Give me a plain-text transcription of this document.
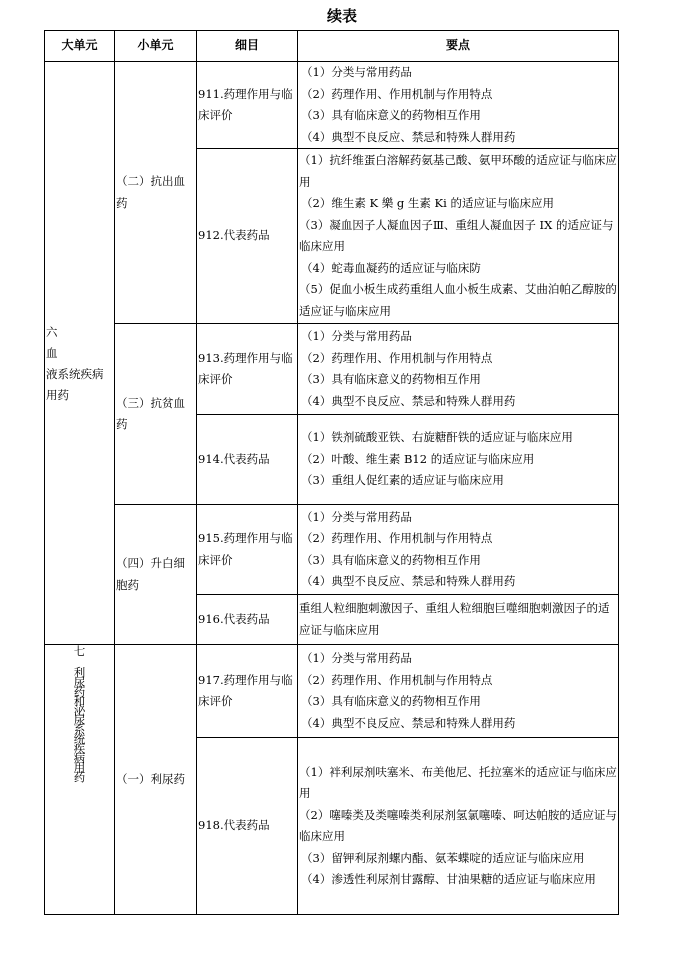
续表
大单元	小单元	细目	要点

六
血
液系统疾病
用药	（二）抗出血
药	911.药理作用与临床评价	（1）分类与常用药品
（2）药理作用、作用机制与作用特点
（3）具有临床意义的药物相互作用
（4）典型不良反应、禁忌和特殊人群用药

		912.代表药品	（1）抗纤维蛋白溶解药氨基己酸、氨甲环酸的适应证与临床应用
（2）维生素 K 樂 g 生素 Ki 的适应证与临床应用
（3）凝血因子人凝血因子Ⅲ、重组人凝血因子 IX 的适应证与临床应用
（4）蛇毒血凝药的适应证与临床防
（5）促血小板生成药重组人血小板生成素、艾曲泊帕乙醇胺的适应证与临床应用

	（三）抗贫血
药	913.药理作用与临床评价	（1）分类与常用药品
（2）药理作用、作用机制与作用特点
（3）具有临床意义的药物相互作用
（4）典型不良反应、禁忌和特殊人群用药

		914.代表药品	（1）铁剂硫酸亚铁、右旋糖酐铁的适应证与临床应用
（2）叶酸、维生素 B12 的适应证与临床应用
（3）重组人促红素的适应证与临床应用

	（四）升白细
胞药	915.药理作用与临床评价	（1）分类与常用药品
（2）药理作用、作用机制与作用特点
（3）具有临床意义的药物相互作用
（4）典型不良反应、禁忌和特殊人群用药

		916.代表药品	重组人粒细胞刺激因子、重组人粒细胞巨噬细胞刺激因子的适应证与临床应用

七 利尿药和泌尿系统疾病用药	（一）利尿药	917.药理作用与临床评价	（1）分类与常用药品
（2）药理作用、作用机制与作用特点
（3）具有临床意义的药物相互作用
（4）典型不良反应、禁忌和特殊人群用药

		918.代表药品	（1）袢利尿剂呋塞米、布美他尼、托拉塞米的适应证与临床应用
（2）噻嗪类及类噻嗪类利尿剂氢氯噻嗪、呵达帕胺的适应证与临床应用
（3）留钾利尿剂螺内酯、氨苯蝶啶的适应证与临床应用
（4）渗透性利尿剂甘露醇、甘油果糖的适应证与临床应用
